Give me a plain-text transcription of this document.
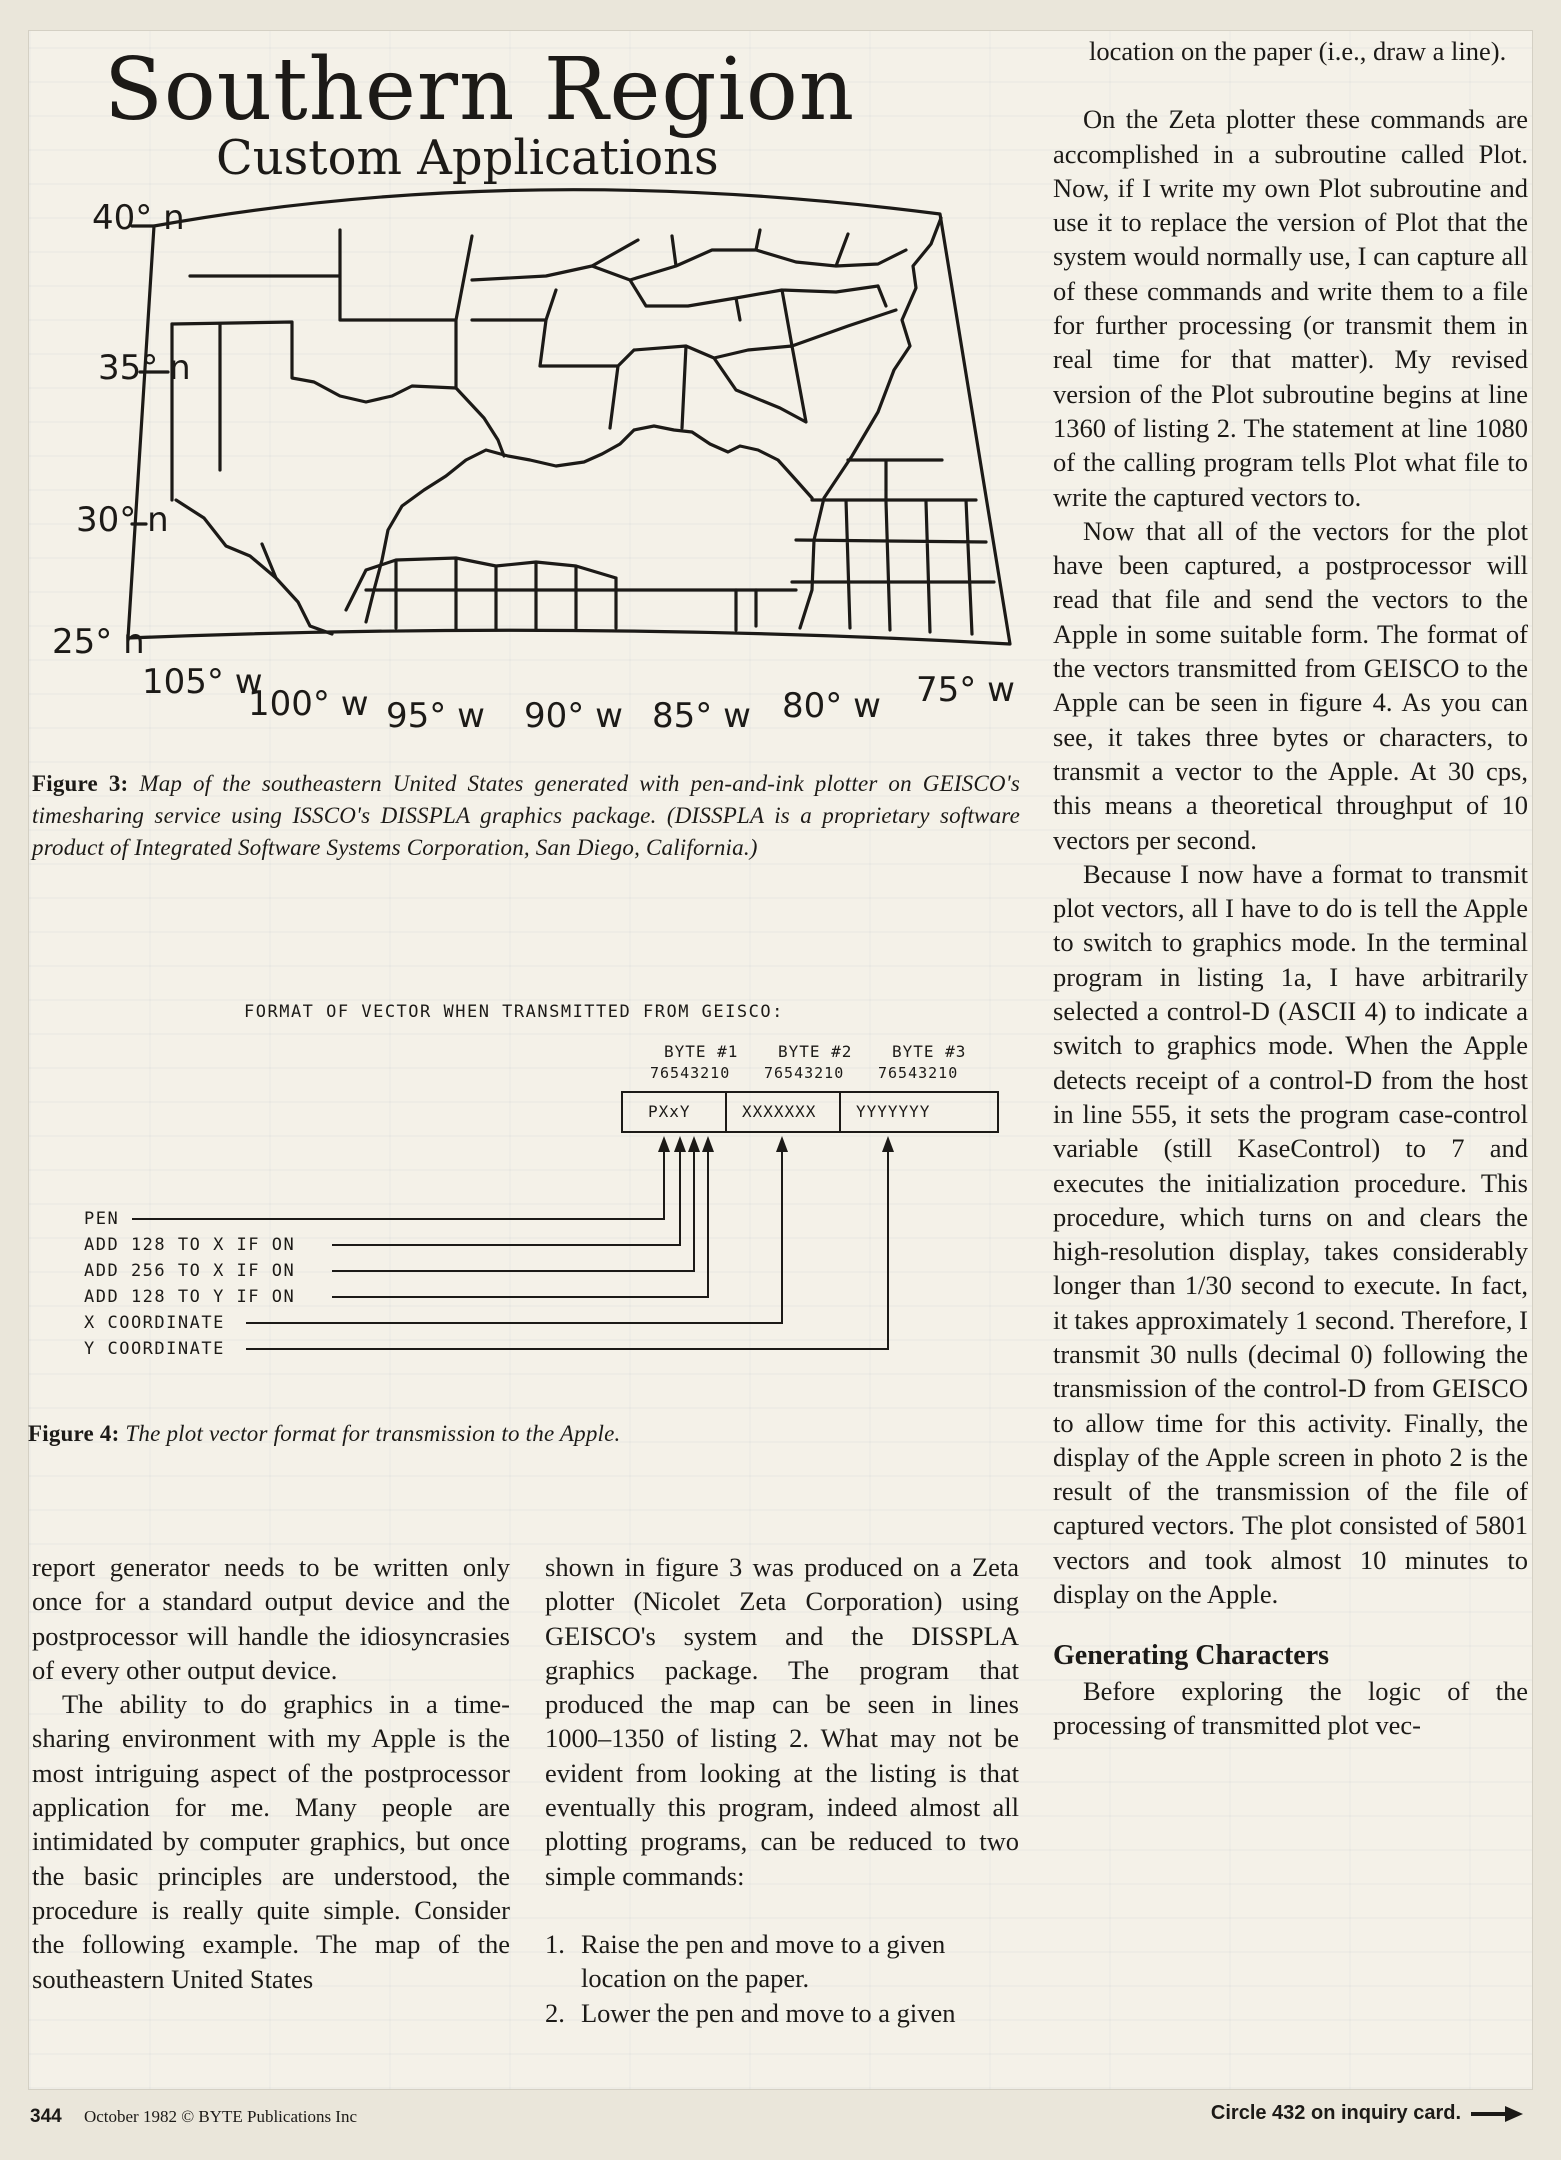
Southern Region
Custom Applications
40° n
35° n
30° n
25° n
105° w
100° w 95° w 90° w 85° w 80° w 75° w
Figure 3: Map of the southeastern United States generated with pen-and-ink plotter on GEISCO's timesharing service using ISSCO's DISSPLA graphics package. (DISSPLA is a proprietary software product of Integrated Software Systems Corporation, San Diego, California.)
FORMAT OF VECTOR WHEN TRANSMITTED FROM GEISCO:
BYTE #1 BYTE #2 BYTE #3
76543210 76543210 76543210
PXxY	XXXXXXX YYYYYYY
PEN
ADD 128 TO X IF ON
ADD 256 TO X IF ON
ADD 128 TO Y IF ON
X COORDINATE
Y COORDINATE
Figure 4: The plot vector format for transmission to the Apple.

report generator needs to be written only once for a standard output device and the postprocessor will handle the idiosyncrasies of every other output device.

The ability to do graphics in a time-sharing environment with my Apple is the most intriguing aspect of the postprocessor application for me. Many people are intimidated by computer graphics, but once the basic principles are understood, the procedure is really quite simple. Consider the following example. The map of the southeastern United States

shown in figure 3 was produced on a Zeta plotter (Nicolet Zeta Corporation) using GEISCO's system and the DISSPLA graphics package. The program that produced the map can be seen in lines 1000–1350 of listing 2. What may not be evident from looking at the listing is that eventually this program, indeed almost all plotting programs, can be reduced to two simple commands:

1. Raise the pen and move to a given location on the paper.
2. Lower the pen and move to a given

location on the paper (i.e., draw a line).

On the Zeta plotter these commands are accomplished in a subroutine called Plot. Now, if I write my own Plot subroutine and use it to replace the version of Plot that the system would normally use, I can capture all of these commands and write them to a file for further processing (or transmit them in real time for that matter). My revised version of the Plot subroutine begins at line 1360 of listing 2. The statement at line 1080 of the calling program tells Plot what file to write the captured vectors to.

Now that all of the vectors for the plot have been captured, a postprocessor will read that file and send the vectors to the Apple in some suitable form. The format of the vectors transmitted from GEISCO to the Apple can be seen in figure 4. As you can see, it takes three bytes or characters, to transmit a vector to the Apple. At 30 cps, this means a theoretical throughput of 10 vectors per second.

Because I now have a format to transmit plot vectors, all I have to do is tell the Apple to switch to graphics mode. In the terminal program in listing 1a, I have arbitrarily selected a control-D (ASCII 4) to indicate a switch to graphics mode. When the Apple detects receipt of a control-D from the host in line 555, it sets the program case-control variable (still KaseControl) to 7 and executes the initialization procedure. This procedure, which turns on and clears the high-resolution display, takes considerably longer than 1/30 second to execute. In fact, it takes approximately 1 second. Therefore, I transmit 30 nulls (decimal 0) following the transmission of the control-D from GEISCO to allow time for this activity. Finally, the display of the Apple screen in photo 2 is the result of the transmission of the file of captured vectors. The plot consisted of 5801 vectors and took almost 10 minutes to display on the Apple.

Generating Characters

Before exploring the logic of the processing of transmitted plot vec-

344 October 1982 © BYTE Publications Inc	Circle 432 on inquiry card.
